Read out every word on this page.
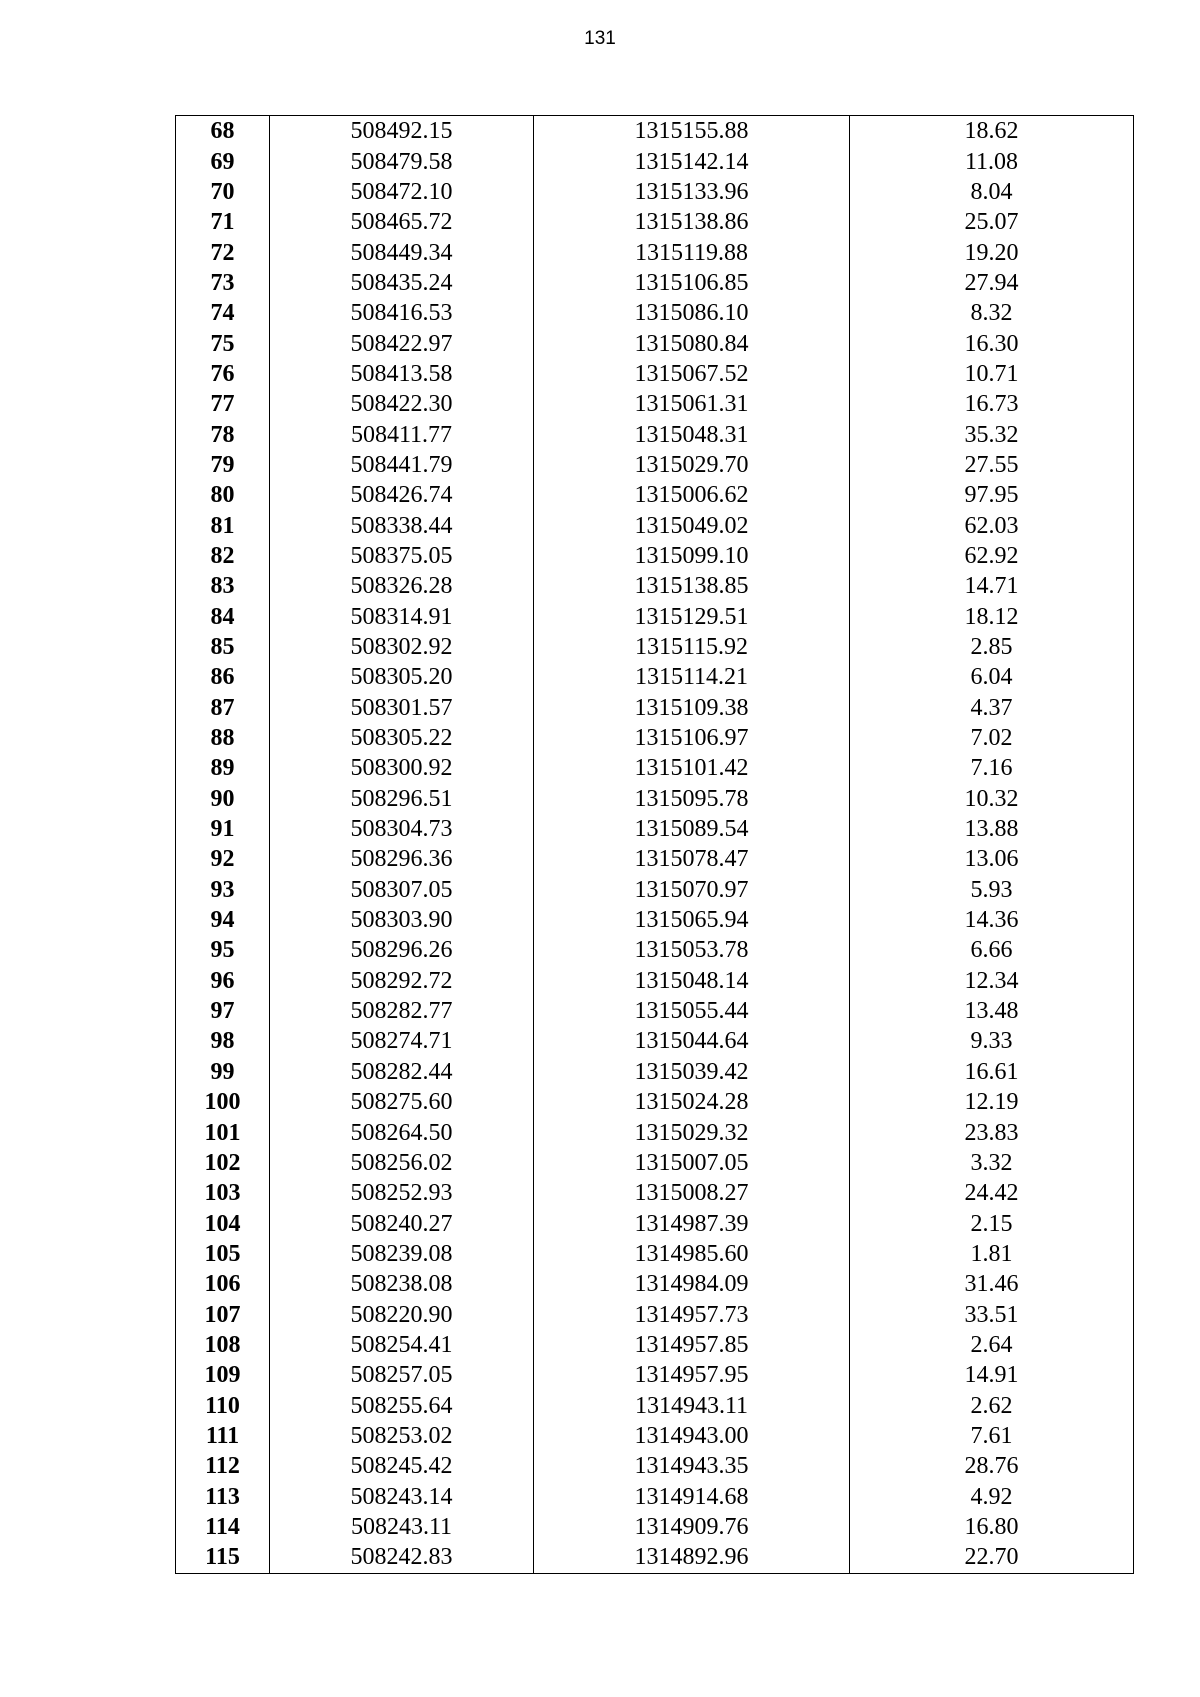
131
68	508492.15	1315155.88	18.62
69	508479.58	1315142.14	11.08
70	508472.10	1315133.96	8.04
71	508465.72	1315138.86	25.07
72	508449.34	1315119.88	19.20
73	508435.24	1315106.85	27.94
74	508416.53	1315086.10	8.32
75	508422.97	1315080.84	16.30
76	508413.58	1315067.52	10.71
77	508422.30	1315061.31	16.73
78	508411.77	1315048.31	35.32
79	508441.79	1315029.70	27.55
80	508426.74	1315006.62	97.95
81	508338.44	1315049.02	62.03
82	508375.05	1315099.10	62.92
83	508326.28	1315138.85	14.71
84	508314.91	1315129.51	18.12
85	508302.92	1315115.92	2.85
86	508305.20	1315114.21	6.04
87	508301.57	1315109.38	4.37
88	508305.22	1315106.97	7.02
89	508300.92	1315101.42	7.16
90	508296.51	1315095.78	10.32
91	508304.73	1315089.54	13.88
92	508296.36	1315078.47	13.06
93	508307.05	1315070.97	5.93
94	508303.90	1315065.94	14.36
95	508296.26	1315053.78	6.66
96	508292.72	1315048.14	12.34
97	508282.77	1315055.44	13.48
98	508274.71	1315044.64	9.33
99	508282.44	1315039.42	16.61
100	508275.60	1315024.28	12.19
101	508264.50	1315029.32	23.83
102	508256.02	1315007.05	3.32
103	508252.93	1315008.27	24.42
104	508240.27	1314987.39	2.15
105	508239.08	1314985.60	1.81
106	508238.08	1314984.09	31.46
107	508220.90	1314957.73	33.51
108	508254.41	1314957.85	2.64
109	508257.05	1314957.95	14.91
110	508255.64	1314943.11	2.62
111	508253.02	1314943.00	7.61
112	508245.42	1314943.35	28.76
113	508243.14	1314914.68	4.92
114	508243.11	1314909.76	16.80
115	508242.83	1314892.96	22.70
